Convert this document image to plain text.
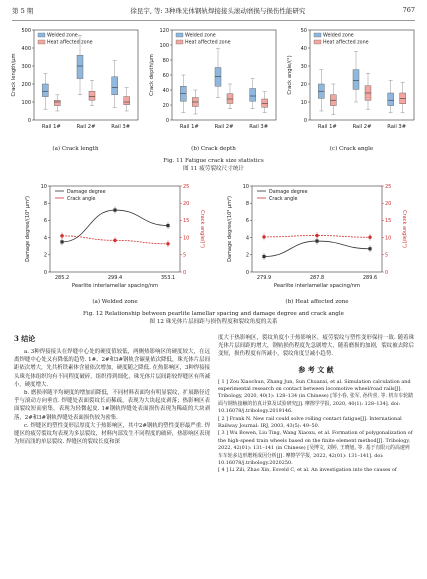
第 5 期	徐昆宇, 等: 3种珠光体钢轨焊接接头滚动磨损与损伤性能研究	767
0
100
200
300
400
500
Crack length/μm
Rail 1#	Rail 2#	Rail 3#
Welded zone
Heat affected zone
0
20
40
60
80
100
120
Crack depth/μm
Rail 1#	Rail 2#	Rail 3#
Welded zone
Heat affected zone
0
10
20
30
40
50
Crack angle/(°)
Rail 1#	Rail 2#	Rail 3#
Welded zone
Heat affected zone
(a) Crack length	(b) Crack depth	(c) Crack angle
Fig. 11 Fatigue crack size statistics
图 11 疲劳裂纹尺寸统计
0
2
4
6
8
10
0
5
10
15
20
25
Damage degree/(10³ μm²)	Crack angle/(°)
285.2	299.4	353.1
Pearlite interlamellar spacing/nm
Damage degree
Crack angle
0
2
4
6
8
10
0
5
10
15
20
25
Damage degree/(10³ μm²)	Crack angle/(°)
279.9	287.8	289.6
Pearlite interlamellar spacing/nm
Damage degree
Crack angle
(a) Welded zone	(b) Heat affected zone
Fig. 12 Relationship between pearlite lamellar spacing and damage degree and crack angle
图 12 珠光体片层间距与损伤程度和裂纹角度的关系
3 结论
a. 3种焊接接头在焊缝中心处的硬度值较低，两侧热影响区的硬度较大，在远离焊缝中心处又有降低的趋势. 1#、2#和3#钢轨含碳量依次降低，珠光体片层间距依次增大，先共析铁素体含量依次增加，硬度随之降低. 在热影响区，3种焊接接头珠光体组织均有不同程度破碎，组织得到细化，珠光体片层间距较焊缝区有所减小，硬度增大.
b. 磨损率随平均硬度的增加而降低，不同材料表面均有明显裂纹，扩展路径近乎与滚动方向垂直. 焊缝处表面裂纹长而稀疏，表现为大块起皮剥落；热影响区表面裂纹短而密集，表现为轻微起皮. 1#钢轨焊缝处表面损伤表现为稀疏的大块剥落，2#和3#钢轨焊缝处表面损伤较为密集.
c. 焊缝区的塑性变形层厚度大于热影响区，其中2#钢轨的塑性变形最严重. 焊缝区的疲劳裂纹均表现为多层裂纹，材料内部发生不同程度的破碎，热影响区表现为短而浅的单层裂纹. 焊缝区的裂纹长度和深
度大于热影响区，裂纹角度小于热影响区，疲劳裂纹与塑性变形保持一致. 随着珠光体片层间距的增大，钢轨损伤程度先急剧增大，随着磨损的加剧，裂纹被去除后变短，损伤程度有所减小，裂纹角度呈减小趋势.
参 考 文 献
[ 1 ] Zou Xiaochun, Zhang Jun, Sun Chuanxi, et al. Simulation calculation and experimental research on contact between locomotive wheel/road rails[J]. Tribology, 2020, 40(1): 128–134 (in Chinese) [邹小春, 张军, 孙传喜, 等. 机车车轮踏面与钢轨接触的仿真计算及试验研究[J]. 摩擦学学报, 2020, 40(1): 128–134]. doi: 10.16078/j.tribology.2019146.
[ 2 ] Frank N. New rail could solve rolling contact fatigue[J]. International Railway Journal: IRJ, 2003, 43(5): 49–50.
[ 3 ] Wu Bowen, Liu Ting, Wang Xiaoxu, et al. Formation of polygonalization of the high-speed train wheels based on the finite element method[J]. Tribology, 2022, 42(01): 131–141 (in Chinese) [吴博文, 刘婷, 王晓旭, 等. 基于有限元的高速列车车轮多边形磨耗成因分析[J]. 摩擦学学报, 2022, 42(01): 131–141]. doi: 10.16078/j.tribology.2020250.
[ 4 ] Li Zili, Zhao Xin, Esveld C, et al. An investigation into the causes of
